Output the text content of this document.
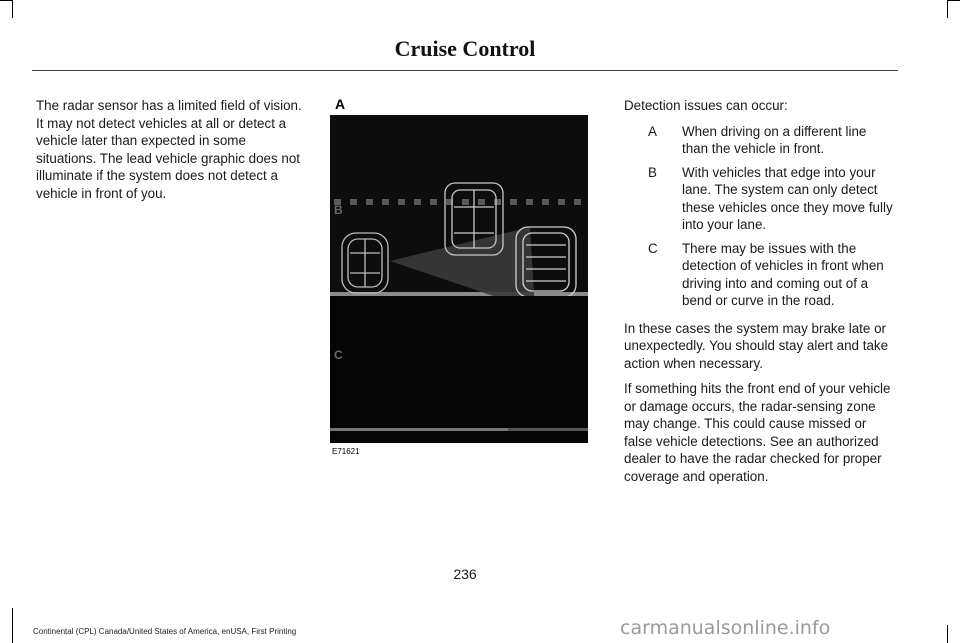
Cruise Control
The radar sensor has a limited field of vision. It may not detect vehicles at all or detect a vehicle later than expected in some situations. The lead vehicle graphic does not illuminate if the system does not detect a vehicle in front of you.
A
B
C
E71621

Detection issues can occur:

A	When driving on a different line than the vehicle in front.
B	With vehicles that edge into your lane. The system can only detect these vehicles once they move fully into your lane.
C	There may be issues with the detection of vehicles in front when driving into and coming out of a bend or curve in the road.

In these cases the system may brake late or unexpectedly. You should stay alert and take action when necessary.

If something hits the front end of your vehicle or damage occurs, the radar-sensing zone may change. This could cause missed or false vehicle detections. See an authorized dealer to have the radar checked for proper coverage and operation.

236
Continental (CPL) Canada/United States of America, enUSA, First Printing	carmanualsonline.info
